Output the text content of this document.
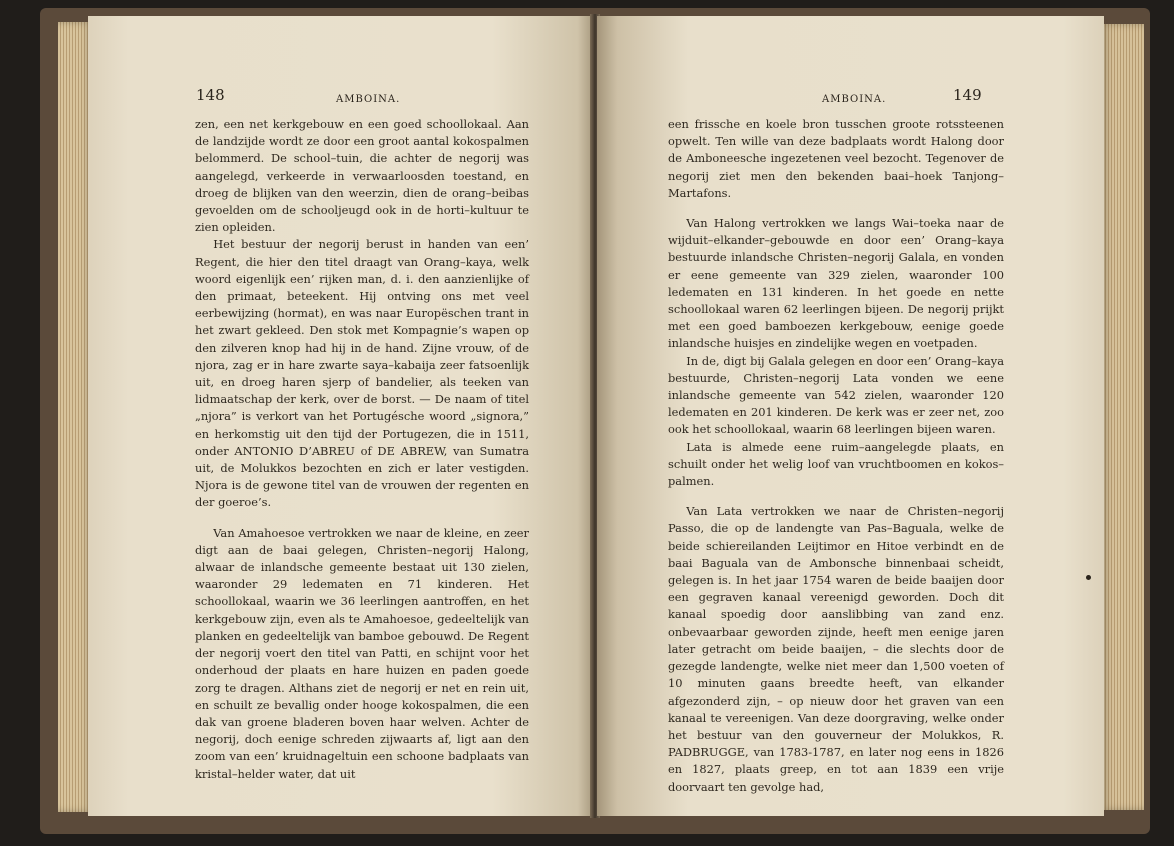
148	AMBOINA.

zen, een net kerkgebouw en een goed schoollokaal. Aan de landzijde wordt ze door een groot aantal kokospalmen belommerd. De school–tuin, die achter de negorij was aangelegd, verkeerde in verwaarloosden toestand, en droeg de blijken van den weerzin, dien de orang–beibas gevoelden om de schooljeugd ook in de horti–kultuur te zien opleiden.

Het bestuur der negorij berust in handen van een’ Regent, die hier den titel draagt van Orang–kaya, welk woord eigenlijk een’ rijken man, d. i. den aanzienlijke of den primaat, beteekent. Hij ontving ons met veel eerbewijzing (hormat), en was naar Europëschen trant in het zwart gekleed. Den stok met Kompagnie’s wapen op den zilveren knop had hij in de hand. Zijne vrouw, of de njora, zag er in hare zwarte saya–kabaija zeer fatsoenlijk uit, en droeg haren sjerp of bandelier, als teeken van lidmaatschap der kerk, over de borst. — De naam of titel „njora” is verkort van het Portugésche woord „signora,” en herkomstig uit den tijd der Portugezen, die in 1511, onder ANTONIO D’ABREU of DE ABREW, van Sumatra uit, de Molukkos bezochten en zich er later vestigden. Njora is de gewone titel van de vrouwen der regenten en der goeroe’s.

Van Amahoesoe vertrokken we naar de kleine, en zeer digt aan de baai gelegen, Christen–negorij Halong, alwaar de inlandsche gemeente bestaat uit 130 zielen, waaronder 29 ledematen en 71 kinderen. Het schoollokaal, waarin we 36 leerlingen aantroffen, en het kerkgebouw zijn, even als te Amahoesoe, gedeeltelijk van planken en gedeeltelijk van bamboe gebouwd. De Regent der negorij voert den titel van Patti, en schijnt voor het onderhoud der plaats en hare huizen en paden goede zorg te dragen. Althans ziet de negorij er net en rein uit, en schuilt ze bevallig onder hooge kokospalmen, die een dak van groene bladeren boven haar welven. Achter de negorij, doch eenige schreden zijwaarts af, ligt aan den zoom van een’ kruidnageltuin een schoone badplaats van kristal–helder water, dat uit

AMBOINA.	149

een frissche en koele bron tusschen groote rotssteenen opwelt. Ten wille van deze badplaats wordt Halong door de Amboneesche ingezetenen veel bezocht. Tegenover de negorij ziet men den bekenden baai–hoek Tanjong–Martafons.

Van Halong vertrokken we langs Wai–toeka naar de wijduit–elkander–gebouwde en door een’ Orang–kaya bestuurde inlandsche Christen–negorij Galala, en vonden er eene gemeente van 329 zielen, waaronder 100 ledematen en 131 kinderen. In het goede en nette schoollokaal waren 62 leerlingen bijeen. De negorij prijkt met een goed bamboezen kerkgebouw, eenige goede inlandsche huisjes en zindelijke wegen en voetpaden.

In de, digt bij Galala gelegen en door een’ Orang–kaya bestuurde, Christen–negorij Lata vonden we eene inlandsche gemeente van 542 zielen, waaronder 120 ledematen en 201 kinderen. De kerk was er zeer net, zoo ook het schoollokaal, waarin 68 leerlingen bijeen waren.

Lata is almede eene ruim–aangelegde plaats, en schuilt onder het welig loof van vruchtboomen en kokos–palmen.

Van Lata vertrokken we naar de Christen–negorij Passo, die op de landengte van Pas–Baguala, welke de beide schiereilanden Leijtimor en Hitoe verbindt en de baai Baguala van de Ambonsche binnenbaai scheidt, gelegen is. In het jaar 1754 waren de beide baaijen door een gegraven kanaal vereenigd geworden. Doch dit kanaal spoedig door aanslibbing van zand enz. onbevaarbaar geworden zijnde, heeft men eenige jaren later getracht om beide baaijen, – die slechts door de gezegde landengte, welke niet meer dan 1,500 voeten of 10 minuten gaans breedte heeft, van elkander afgezonderd zijn, – op nieuw door het graven van een kanaal te vereenigen. Van deze doorgraving, welke onder het bestuur van den gouverneur der Molukkos, R. PADBRUGGE, van 1783-1787, en later nog eens in 1826 en 1827, plaats greep, en tot aan 1839 een vrije doorvaart ten gevolge had,
